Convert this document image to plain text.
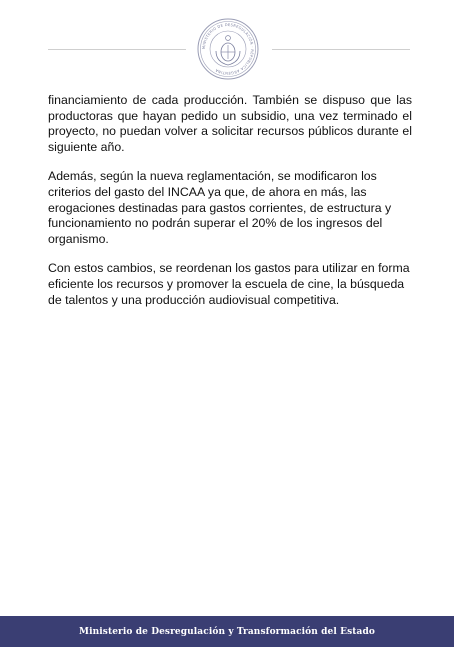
MINISTERIO DE DESREGULACIÓN · REPÚBLICA ARGENTINA

financiamiento de cada producción. También se dispuso que las productoras que hayan pedido un subsidio, una vez terminado el proyecto, no puedan volver a solicitar recursos públicos durante el siguiente año.

Además, según la nueva reglamentación, se modificaron los criterios del gasto del INCAA ya que, de ahora en más, las erogaciones destinadas para gastos corrientes, de estructura y funcionamiento no podrán superar el 20% de los ingresos del organismo.

Con estos cambios, se reordenan los gastos para utilizar en forma eficiente los recursos y promover la escuela de cine, la búsqueda de talentos y una producción audiovisual competitiva.

Ministerio de Desregulación y Transformación del Estado
